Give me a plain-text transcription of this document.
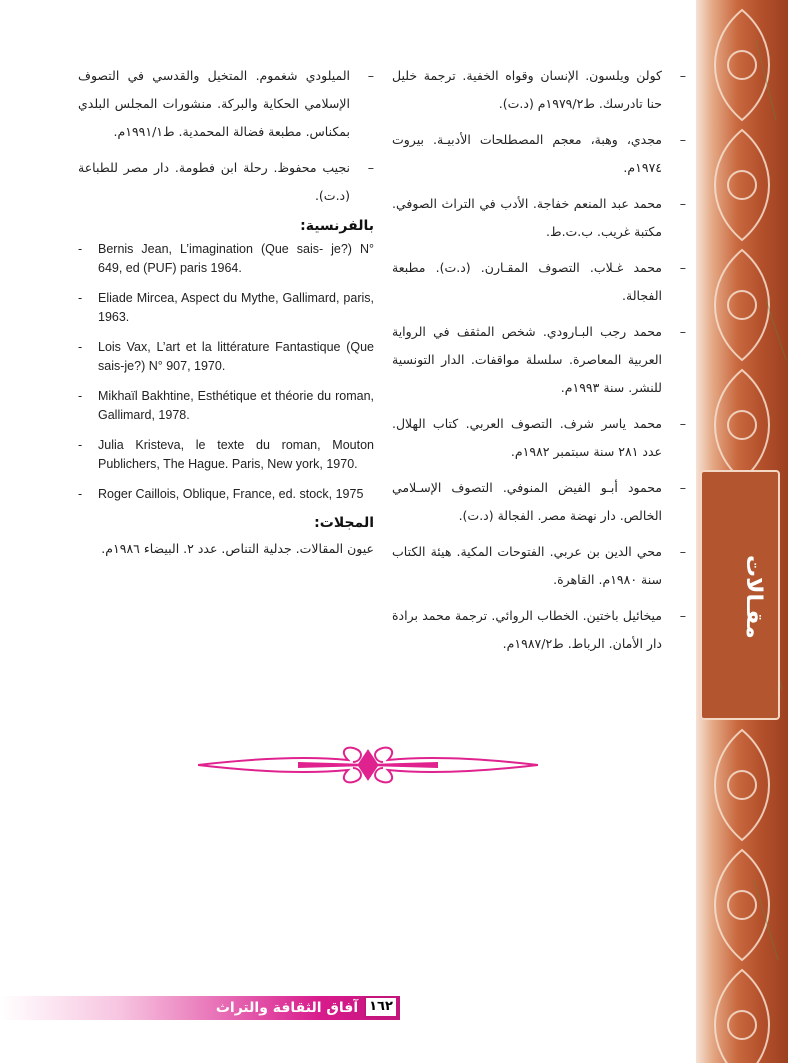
مقـالات
–
كولن ويلسون. الإنسان وقواه الخفية. ترجمة خليل حنا تادرسك. ط١٩٧٩/٢م (د.ت).
–
مجدي، وهبة، معجم المصطلحات الأدبيـة. بيروت ١٩٧٤م.
–
محمد عبد المنعم خفاجة. الأدب في التراث الصوفي. مكتبة غريب. ب.ت.ط.
–
محمد غـلاب. التصوف المقـارن. (د.ت). مطبعة الفجالة.
–
محمد رجب البـارودي. شخص المثقف في الرواية العربية المعاصرة. سلسلة مواقفات. الدار التونسية للنشر. سنة ١٩٩٣م.
–
محمد ياسر شرف. التصوف العربي. كتاب الهلال. عدد ٢٨١ سنة سبتمبر ١٩٨٢م.
–
محمود أبـو الفيض المنوفي. التصوف الإسـلامي الخالص. دار نهضة مصر. الفجالة (د.ت).
–
محي الدين بن عربي. الفتوحات المكية. هيئة الكتاب سنة ١٩٨٠م. القاهرة.
–
ميخائيل باختين. الخطاب الروائي. ترجمة محمد برادة دار الأمان. الرباط. ط١٩٨٧/٢م.
–
الميلودي شغموم. المتخيل والقدسي في التصوف الإسلامي الحكاية والبركة. منشورات المجلس البلدي بمكناس. مطبعة فضالة المحمدية. ط١٩٩١/١م.
–
نجيب محفوظ. رحلة ابن فطومة. دار مصر للطباعة (د.ت).
بالفرنسية:
- Bernis Jean, L’imagination (Que sais- je?) N° 649, ed (PUF) paris 1964.
- Eliade Mircea, Aspect du Mythe, Gallimard, paris, 1963.
- Lois Vax, L’art et la littérature Fantastique (Que sais-je?) N° 907, 1970.
- Mikhaïl Bakhtine, Esthétique et théorie du roman, Gallimard, 1978.
- Julia Kristeva, le texte du roman, Mouton Publichers, The Hague. Paris, New york, 1970.
- Roger Caillois, Oblique, France, ed. stock, 1975
المجلات:
عيون المقالات. جدلية التناص. عدد ٢. البيضاء ١٩٨٦م.
آفاق الثقافة والتراث ١٦٢
